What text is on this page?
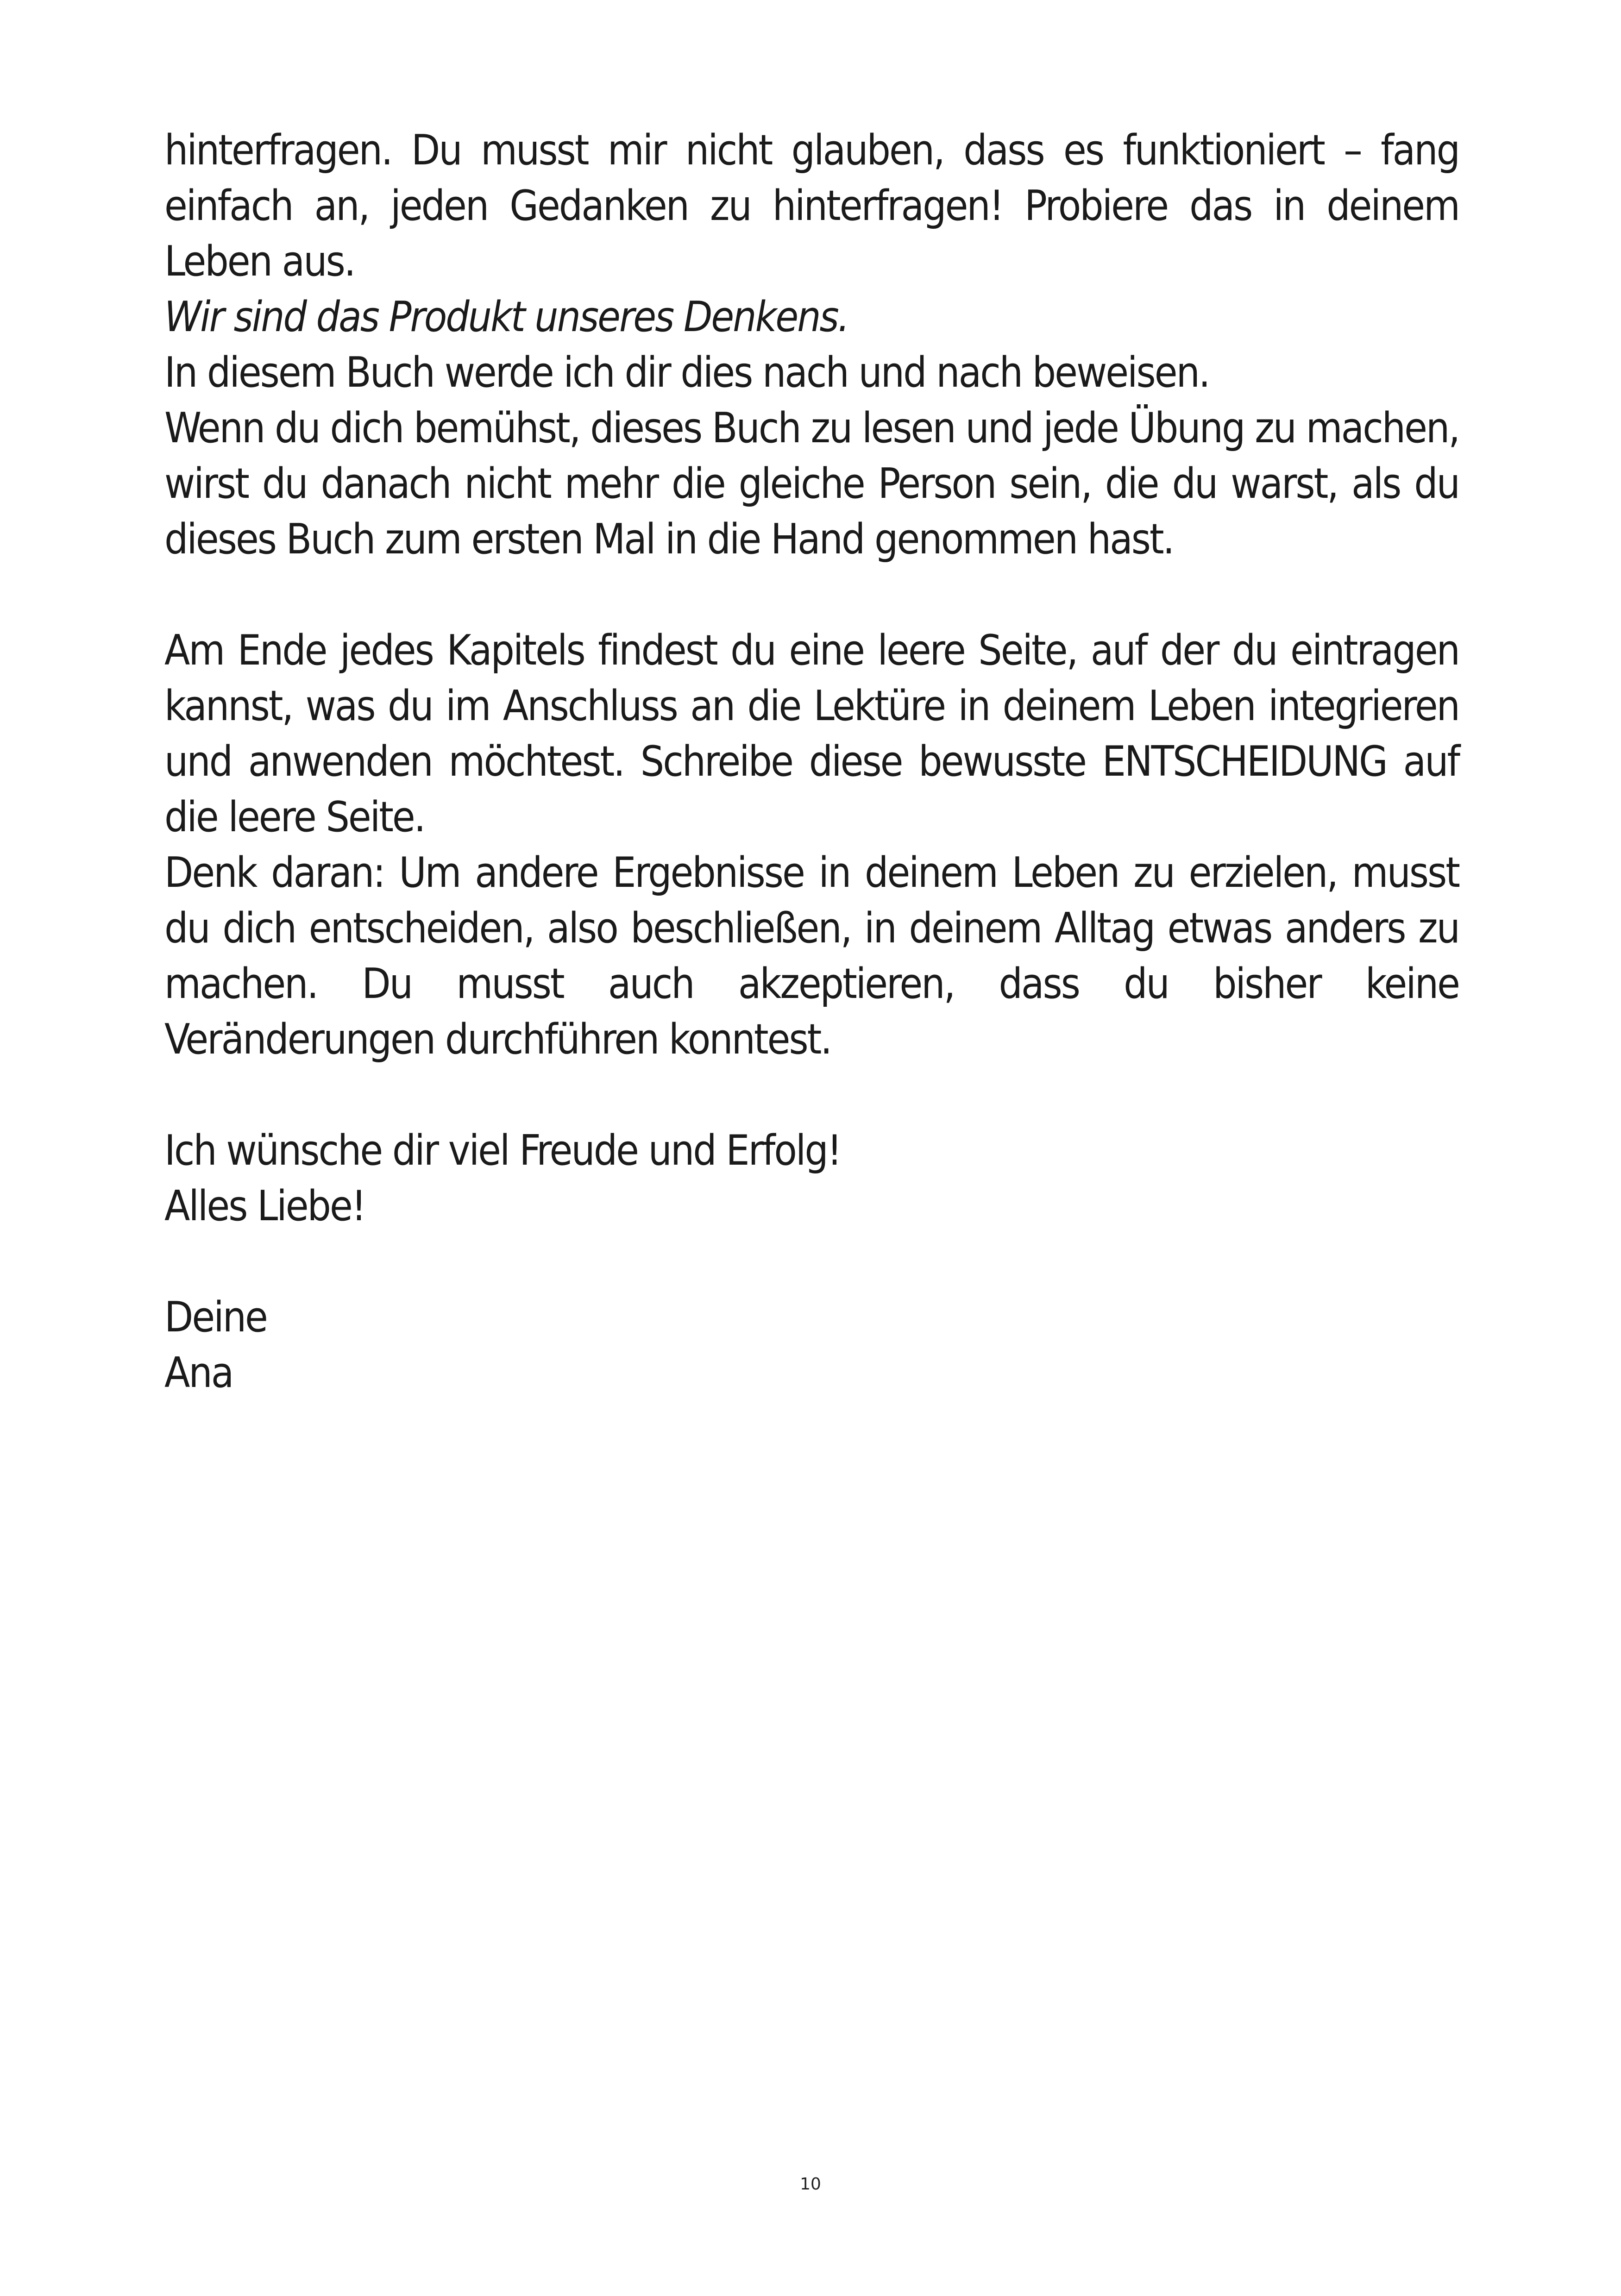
hinterfragen. Du musst mir nicht glauben, dass es funktioniert – fang einfach an, jeden Gedanken zu hinterfragen! Probiere das in deinem Leben aus.

Wir sind das Produkt unseres Denkens.

In diesem Buch werde ich dir dies nach und nach beweisen.

Wenn du dich bemühst, dieses Buch zu lesen und jede Übung zu machen, wirst du danach nicht mehr die gleiche Person sein, die du warst, als du dieses Buch zum ersten Mal in die Hand genommen hast.

Am Ende jedes Kapitels findest du eine leere Seite, auf der du eintragen kannst, was du im Anschluss an die Lektüre in deinem Leben integrieren und anwenden möchtest. Schreibe diese bewusste ENTSCHEIDUNG auf die leere Seite.

Denk daran: Um andere Ergebnisse in deinem Leben zu erzielen, musst du dich entscheiden, also beschließen, in deinem Alltag etwas anders zu machen. Du musst auch akzeptieren, dass du bisher keine Veränderungen durchführen konntest.

Ich wünsche dir viel Freude und Erfolg!

Alles Liebe!

Deine

Ana

10
